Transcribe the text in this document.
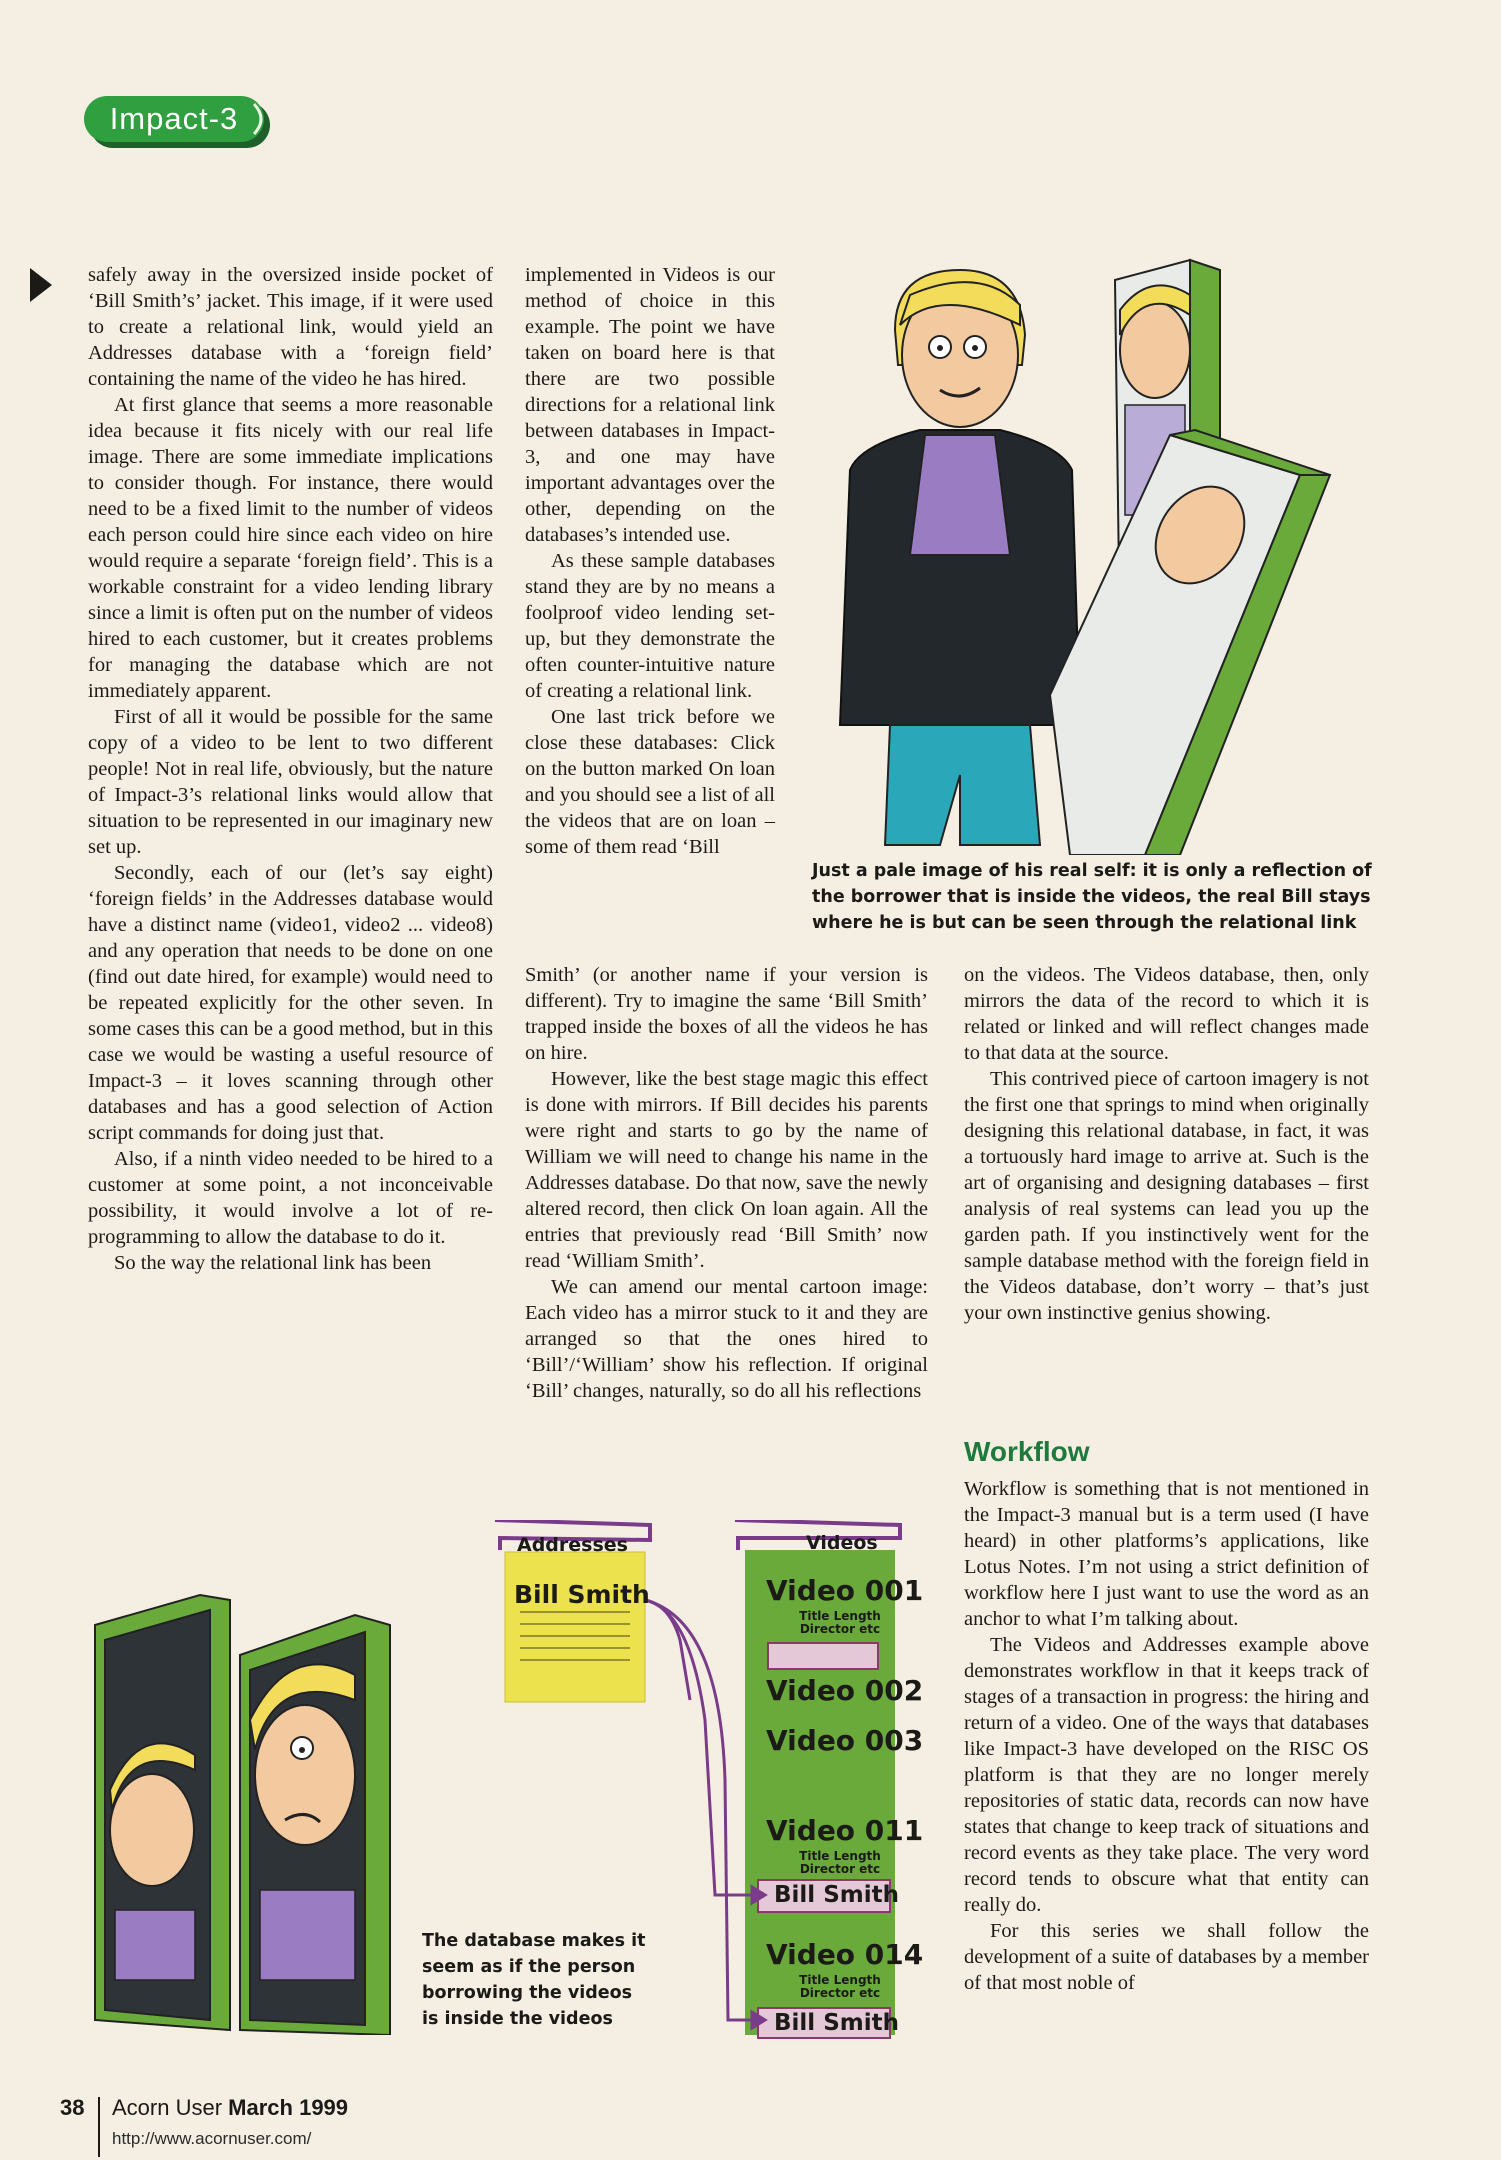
Impact-3

safely away in the oversized inside pocket of ‘Bill Smith’s’ jacket. This image, if it were used to create a relational link, would yield an Addresses database with a ‘foreign field’ containing the name of the video he has hired.

At first glance that seems a more reasonable idea because it fits nicely with our real life image. There are some immediate implications to consider though. For instance, there would need to be a fixed limit to the number of videos each person could hire since each video on hire would require a separate ‘foreign field’. This is a workable constraint for a video lending library since a limit is often put on the number of videos hired to each customer, but it creates problems for managing the database which are not immediately apparent.

First of all it would be possible for the same copy of a video to be lent to two different people! Not in real life, obviously, but the nature of Impact-3’s relational links would allow that situation to be represented in our imaginary new set up.

Secondly, each of our (let’s say eight) ‘foreign fields’ in the Addresses database would have a distinct name (video1, video2 ... video8) and any operation that needs to be done on one (find out date hired, for example) would need to be repeated explicitly for the other seven. In some cases this can be a good method, but in this case we would be wasting a useful resource of Impact-3 – it loves scanning through other databases and has a good selection of Action script commands for doing just that.

Also, if a ninth video needed to be hired to a customer at some point, a not inconceivable possibility, it would involve a lot of re-programming to allow the database to do it.

So the way the relational link has been

implemented in Videos is our method of choice in this example. The point we have taken on board here is that there are two possible directions for a relational link between databases in Impact-3, and one may have important advantages over the other, depending on the databases’s intended use.

As these sample databases stand they are by no means a foolproof video lending set-up, but they demonstrate the often counter-intuitive nature of creating a relational link.

One last trick before we close these databases: Click on the button marked On loan and you should see a list of all the videos that are on loan – some of them read ‘Bill

Smith’ (or another name if your version is different). Try to imagine the same ‘Bill Smith’ trapped inside the boxes of all the videos he has on hire.

However, like the best stage magic this effect is done with mirrors. If Bill decides his parents were right and starts to go by the name of William we will need to change his name in the Addresses database. Do that now, save the newly altered record, then click On loan again. All the entries that previously read ‘Bill Smith’ now read ‘William Smith’.

We can amend our mental cartoon image: Each video has a mirror stuck to it and they are arranged so that the ones hired to ‘Bill’/‘William’ show his reflection. If original ‘Bill’ changes, naturally, so do all his reflections

on the videos. The Videos database, then, only mirrors the data of the record to which it is related or linked and will reflect changes made to that data at the source.

This contrived piece of cartoon imagery is not the first one that springs to mind when originally designing this relational database, in fact, it was a tortuously hard image to arrive at. Such is the art of organising and designing databases – first analysis of real systems can lead you up the garden path. If you instinctively went for the sample database method with the foreign field in the Videos database, don’t worry – that’s just your own instinctive genius showing.

Workflow

Workflow is something that is not mentioned in the Impact-3 manual but is a term used (I have heard) in other platforms’s applications, like Lotus Notes. I’m not using a strict definition of workflow here I just want to use the word as an anchor to what I’m talking about.

The Videos and Addresses example above demonstrates workflow in that it keeps track of stages of a transaction in progress: the hiring and return of a video. One of the ways that databases like Impact-3 have developed on the RISC OS platform is that they are no longer merely repositories of static data, records can now have states that change to keep track of situations and record events as they take place. The very word record tends to obscure what that entity can really do.

For this series we shall follow the development of a suite of databases by a member of that most noble of

Just a pale image of his real self: it is only a reflection of
the borrower that is inside the videos, the real Bill stays
where he is but can be seen through the relational link
Addresses
Bill Smith
Videos
Video 001
Title Length
Director etc
Video 002
Video 003
Video 011
Title Length
Director etc
Bill Smith
Video 014
Title Length
Director etc
Bill Smith
The database makes it
seem as if the person
borrowing the videos
is inside the videos
38 Acorn User March 1999
http://www.acornuser.com/
